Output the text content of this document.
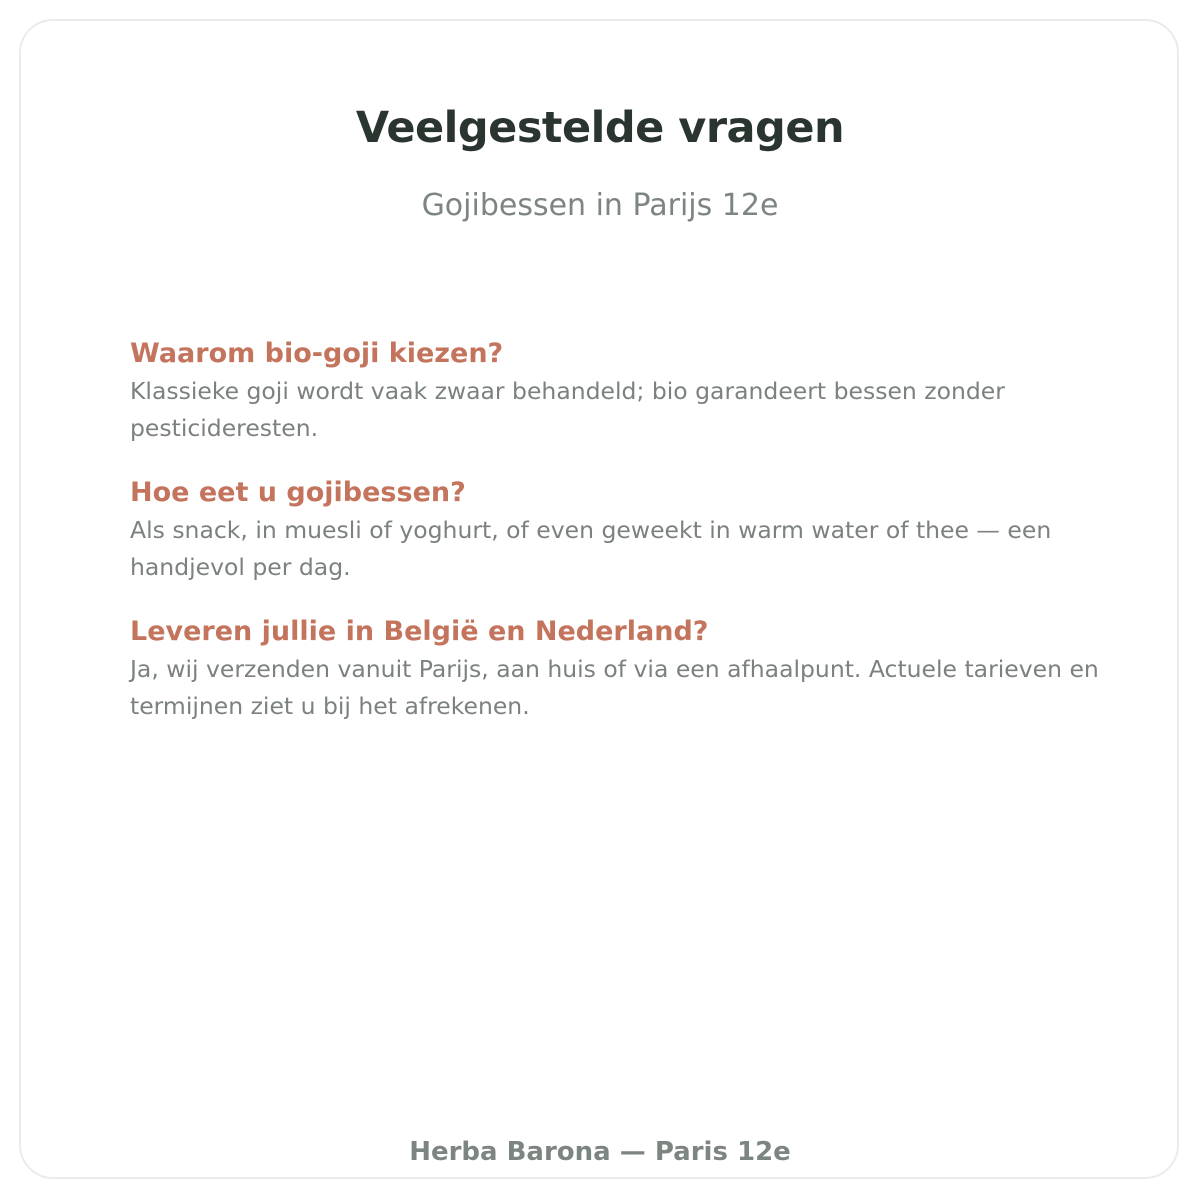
Veelgestelde vragen
Gojibessen in Parijs 12e
Waarom bio-goji kiezen?

Klassieke goji wordt vaak zwaar behandeld; bio garandeert bessen zonder pesticideresten.

Hoe eet u gojibessen?

Als snack, in muesli of yoghurt, of even geweekt in warm water of thee — een handjevol per dag.

Leveren jullie in België en Nederland?

Ja, wij verzenden vanuit Parijs, aan huis of via een afhaalpunt. Actuele tarieven en termijnen ziet u bij het afrekenen.

Herba Barona — Paris 12e
